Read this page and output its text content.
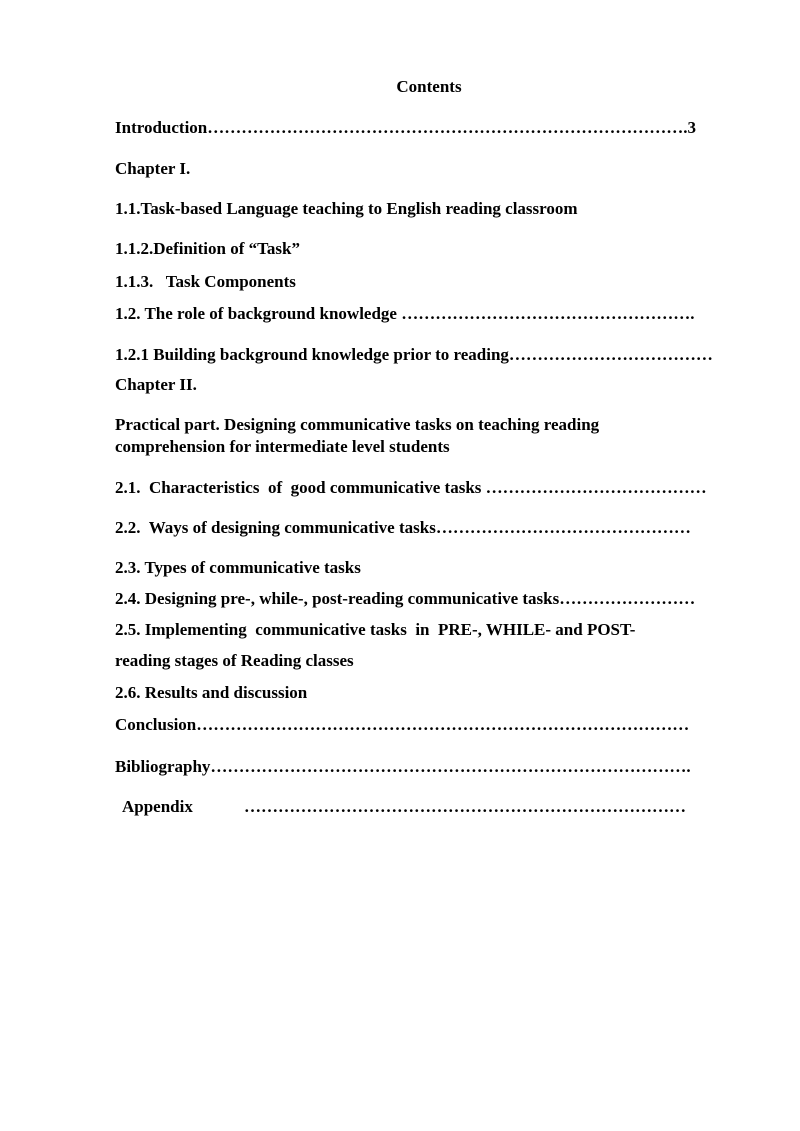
Contents
Introduction………………………………………………………………………….3
Chapter I.
1.1.Task-based Language teaching to English reading classroom
1.1.2.Definition of “Task”
1.1.3.   Task Components
1.2. The role of background knowledge …………………………………………….
1.2.1 Building background knowledge prior to reading………………………………
Chapter II.
Practical part. Designing communicative tasks on teaching reading comprehension for intermediate level students
2.1.  Characteristics  of  good communicative tasks …………………………………
2.2.  Ways of designing communicative tasks………………………………………
2.3. Types of communicative tasks
2.4. Designing pre-, while-, post-reading communicative tasks……………………
2.5. Implementing  communicative tasks  in  PRE-, WHILE- and POST-
reading stages of Reading classes
2.6. Results and discussion
Conclusion……………………………………………………………………………
Bibliography………………………………………………………………………….
Appendix	……………………………………………………………………
